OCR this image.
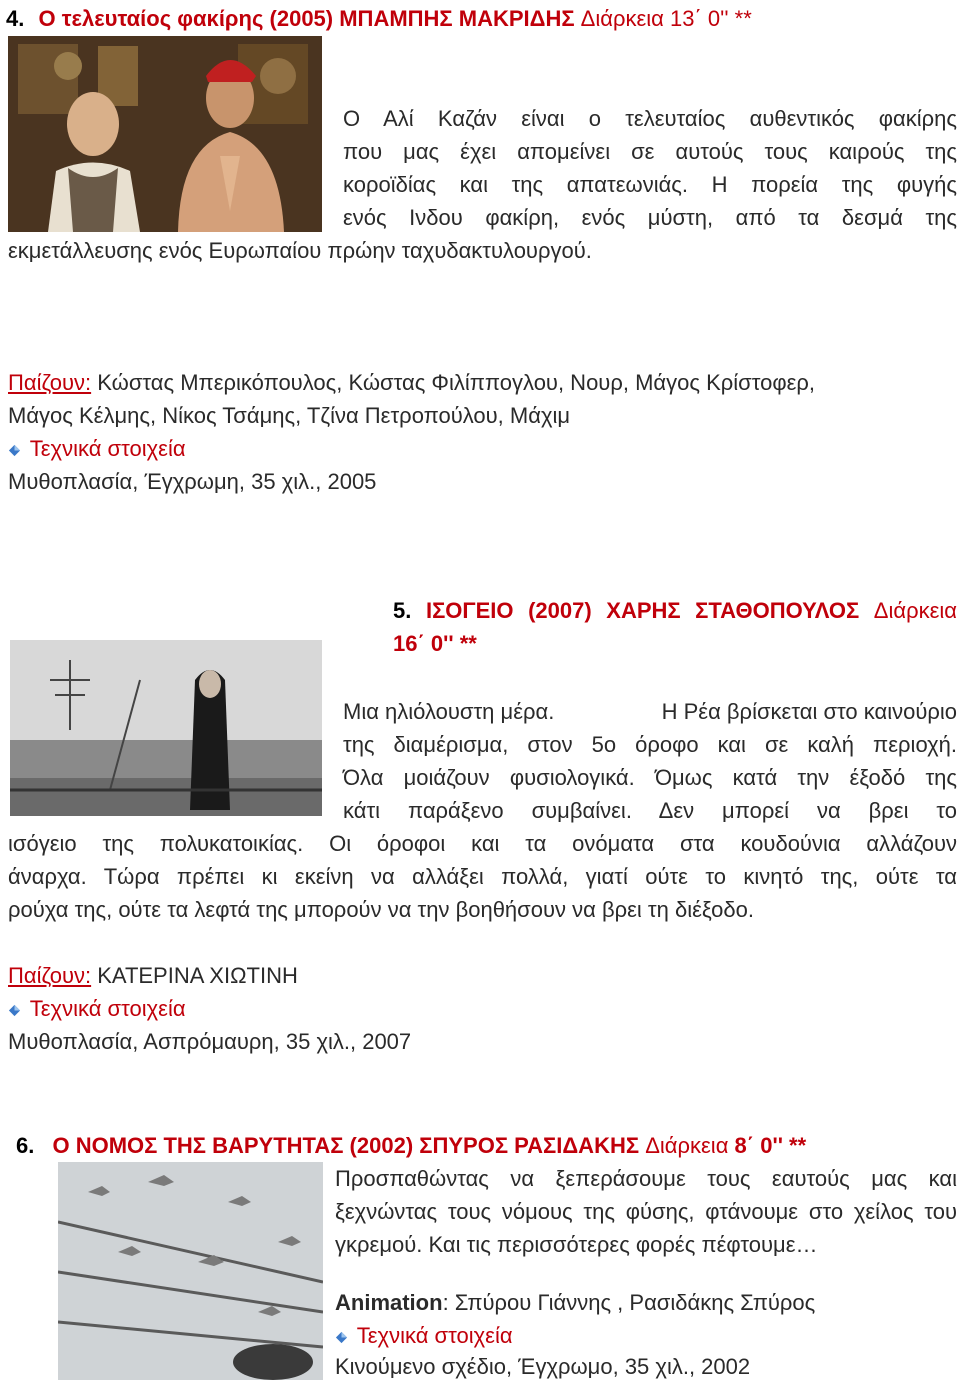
4. Ο τελευταίος φακίρης (2005) ΜΠΑΜΠΗΣ ΜΑΚΡΙΔΗΣ Διάρκεια 13΄ 0'' **
Ο Αλί Καζάν είναι ο τελευταίος αυθεντικός φακίρης
που μας έχει απομείνει σε αυτούς τους καιρούς της
κοροϊδίας και της απατεωνιάς. Η πορεία της φυγής
ενός Ινδου φακίρη, ενός μύστη, από τα δεσμά της
εκμετάλλευσης ενός Ευρωπαίου πρώην ταχυδακτυλουργού.
Παίζουν: Κώστας Μπερικόπουλος, Κώστας Φιλίππογλου, Νουρ, Μάγος Κρίστοφερ,
Μάγος Κέλμης, Νίκος Τσάμης, Τζίνα Πετροπούλου, Μάχιμ
Τεχνικά στοιχεία
Μυθοπλασία, Έγχρωμη, 35 χιλ., 2005
5. ΙΣΟΓΕΙΟ (2007) ΧΑΡΗΣ ΣΤΑΘΟΠΟΥΛΟΣ Διάρκεια
16΄ 0'' **
Μια ηλιόλουστη μέρα.	Η Ρέα βρίσκεται στο καινούριο
της διαμέρισμα, στον 5ο όροφο και σε καλή περιοχή.
Όλα μοιάζουν φυσιολογικά. Όμως κατά την έξοδό της
κάτι παράξενο συμβαίνει. Δεν μπορεί να βρει το
ισόγειο της πολυκατοικίας. Οι όροφοι και τα ονόματα στα κουδούνια αλλάζουν
άναρχα. Τώρα πρέπει κι εκείνη να αλλάξει πολλά, γιατί ούτε το κινητό της, ούτε τα
ρούχα της, ούτε τα λεφτά της μπορούν να την βοηθήσουν να βρει τη διέξοδο.
Παίζουν: ΚΑΤΕΡΙΝΑ ΧΙΩΤΙΝΗ
Τεχνικά στοιχεία
Μυθοπλασία, Ασπρόμαυρη, 35 χιλ., 2007
6. Ο ΝΟΜΟΣ ΤΗΣ ΒΑΡΥΤΗΤΑΣ (2002) ΣΠΥΡΟΣ ΡΑΣΙΔΑΚΗΣ Διάρκεια 8΄ 0'' **
Προσπαθώντας να ξεπεράσουμε τους εαυτούς μας και
ξεχνώντας τους νόμους της φύσης, φτάνουμε στο χείλος του
γκρεμού. Και τις περισσότερες φορές πέφτουμε…
Animation: Σπύρου Γιάννης , Ρασιδάκης Σπύρος
Τεχνικά στοιχεία
Κινούμενο σχέδιο, Έγχρωμο, 35 χιλ., 2002
